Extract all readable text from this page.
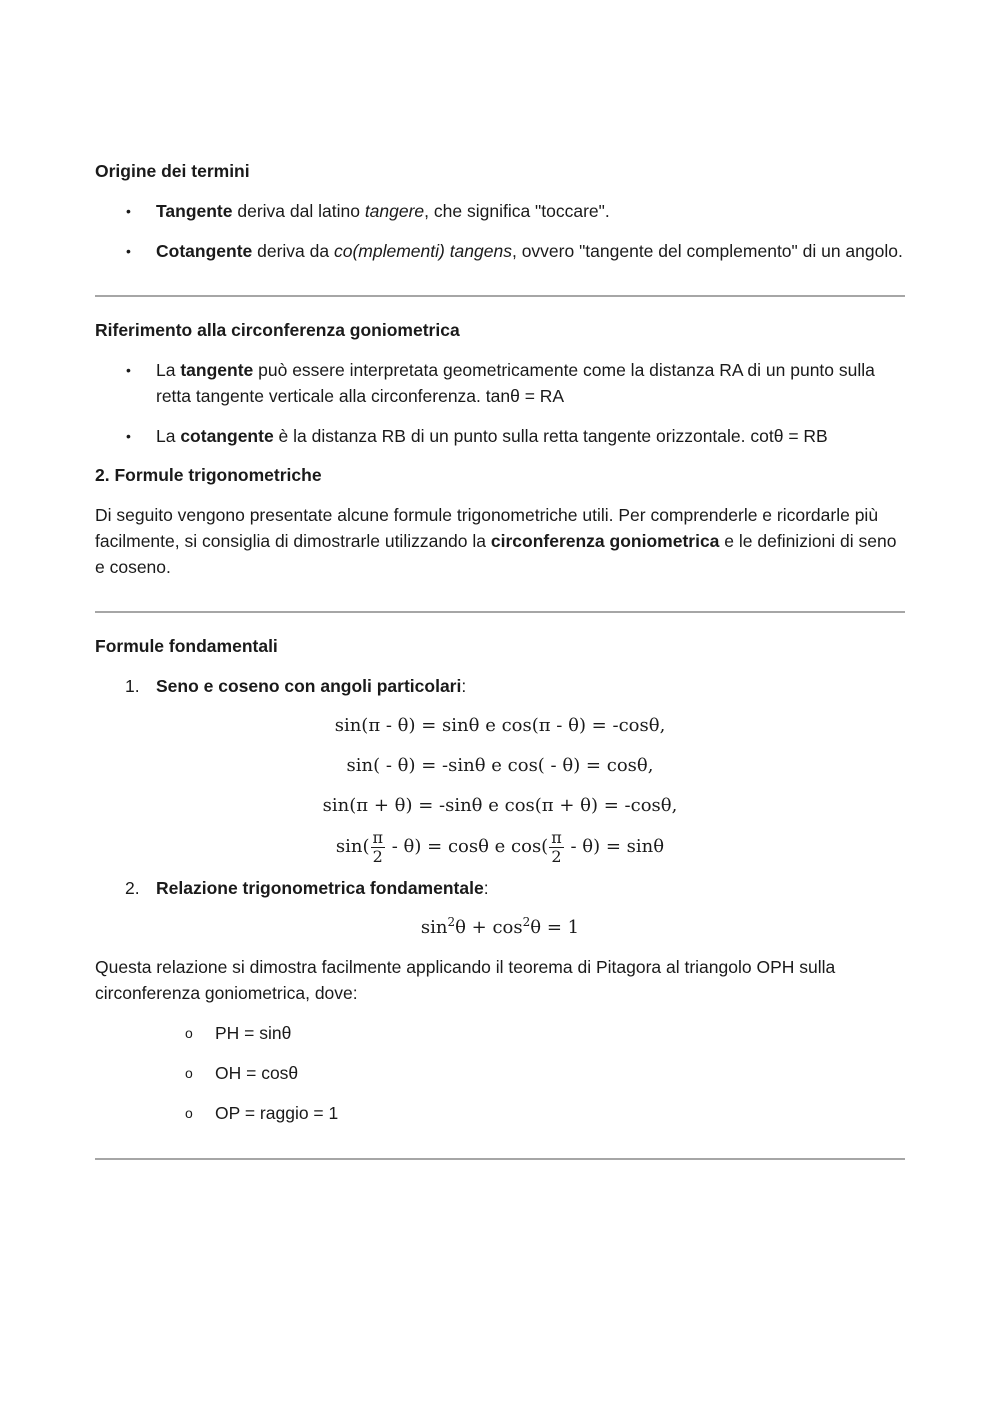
Origine dei termini

• Tangente deriva dal latino tangere, che significa "toccare".
• Cotangente deriva da co(mplementi) tangens, ovvero "tangente del complemento" di un angolo.

Riferimento alla circonferenza goniometrica

• La tangente può essere interpretata geometricamente come la distanza RA di un punto sulla retta tangente verticale alla circonferenza. tanθ = RA
• La cotangente è la distanza RB di un punto sulla retta tangente orizzontale. cotθ = RB

2. Formule trigonometriche

Di seguito vengono presentate alcune formule trigonometriche utili. Per comprenderle e ricordarle più facilmente, si consiglia di dimostrarle utilizzando la circonferenza goniometrica e le definizioni di seno e coseno.

Formule fondamentali

1. Seno e coseno con angoli particolari:
sin(π - θ) = sinθ e cos(π - θ) = -cosθ,
sin( - θ) = -sinθ e cos( - θ) = cosθ,
sin(π + θ) = -sinθ e cos(π + θ) = -cosθ,
$\sin( \frac{\pi}{2} - \theta) = \cos\theta$ e $\cos( \frac{\pi}{2} - \theta) = \sin\theta$
2. Relazione trigonometrica fondamentale:
$\sin^2\theta + \cos^2\theta = 1$

Questa relazione si dimostra facilmente applicando il teorema di Pitagora al triangolo OPH sulla circonferenza goniometrica, dove:

o PH = sinθ
o OH = cosθ
o OP = raggio = 1
